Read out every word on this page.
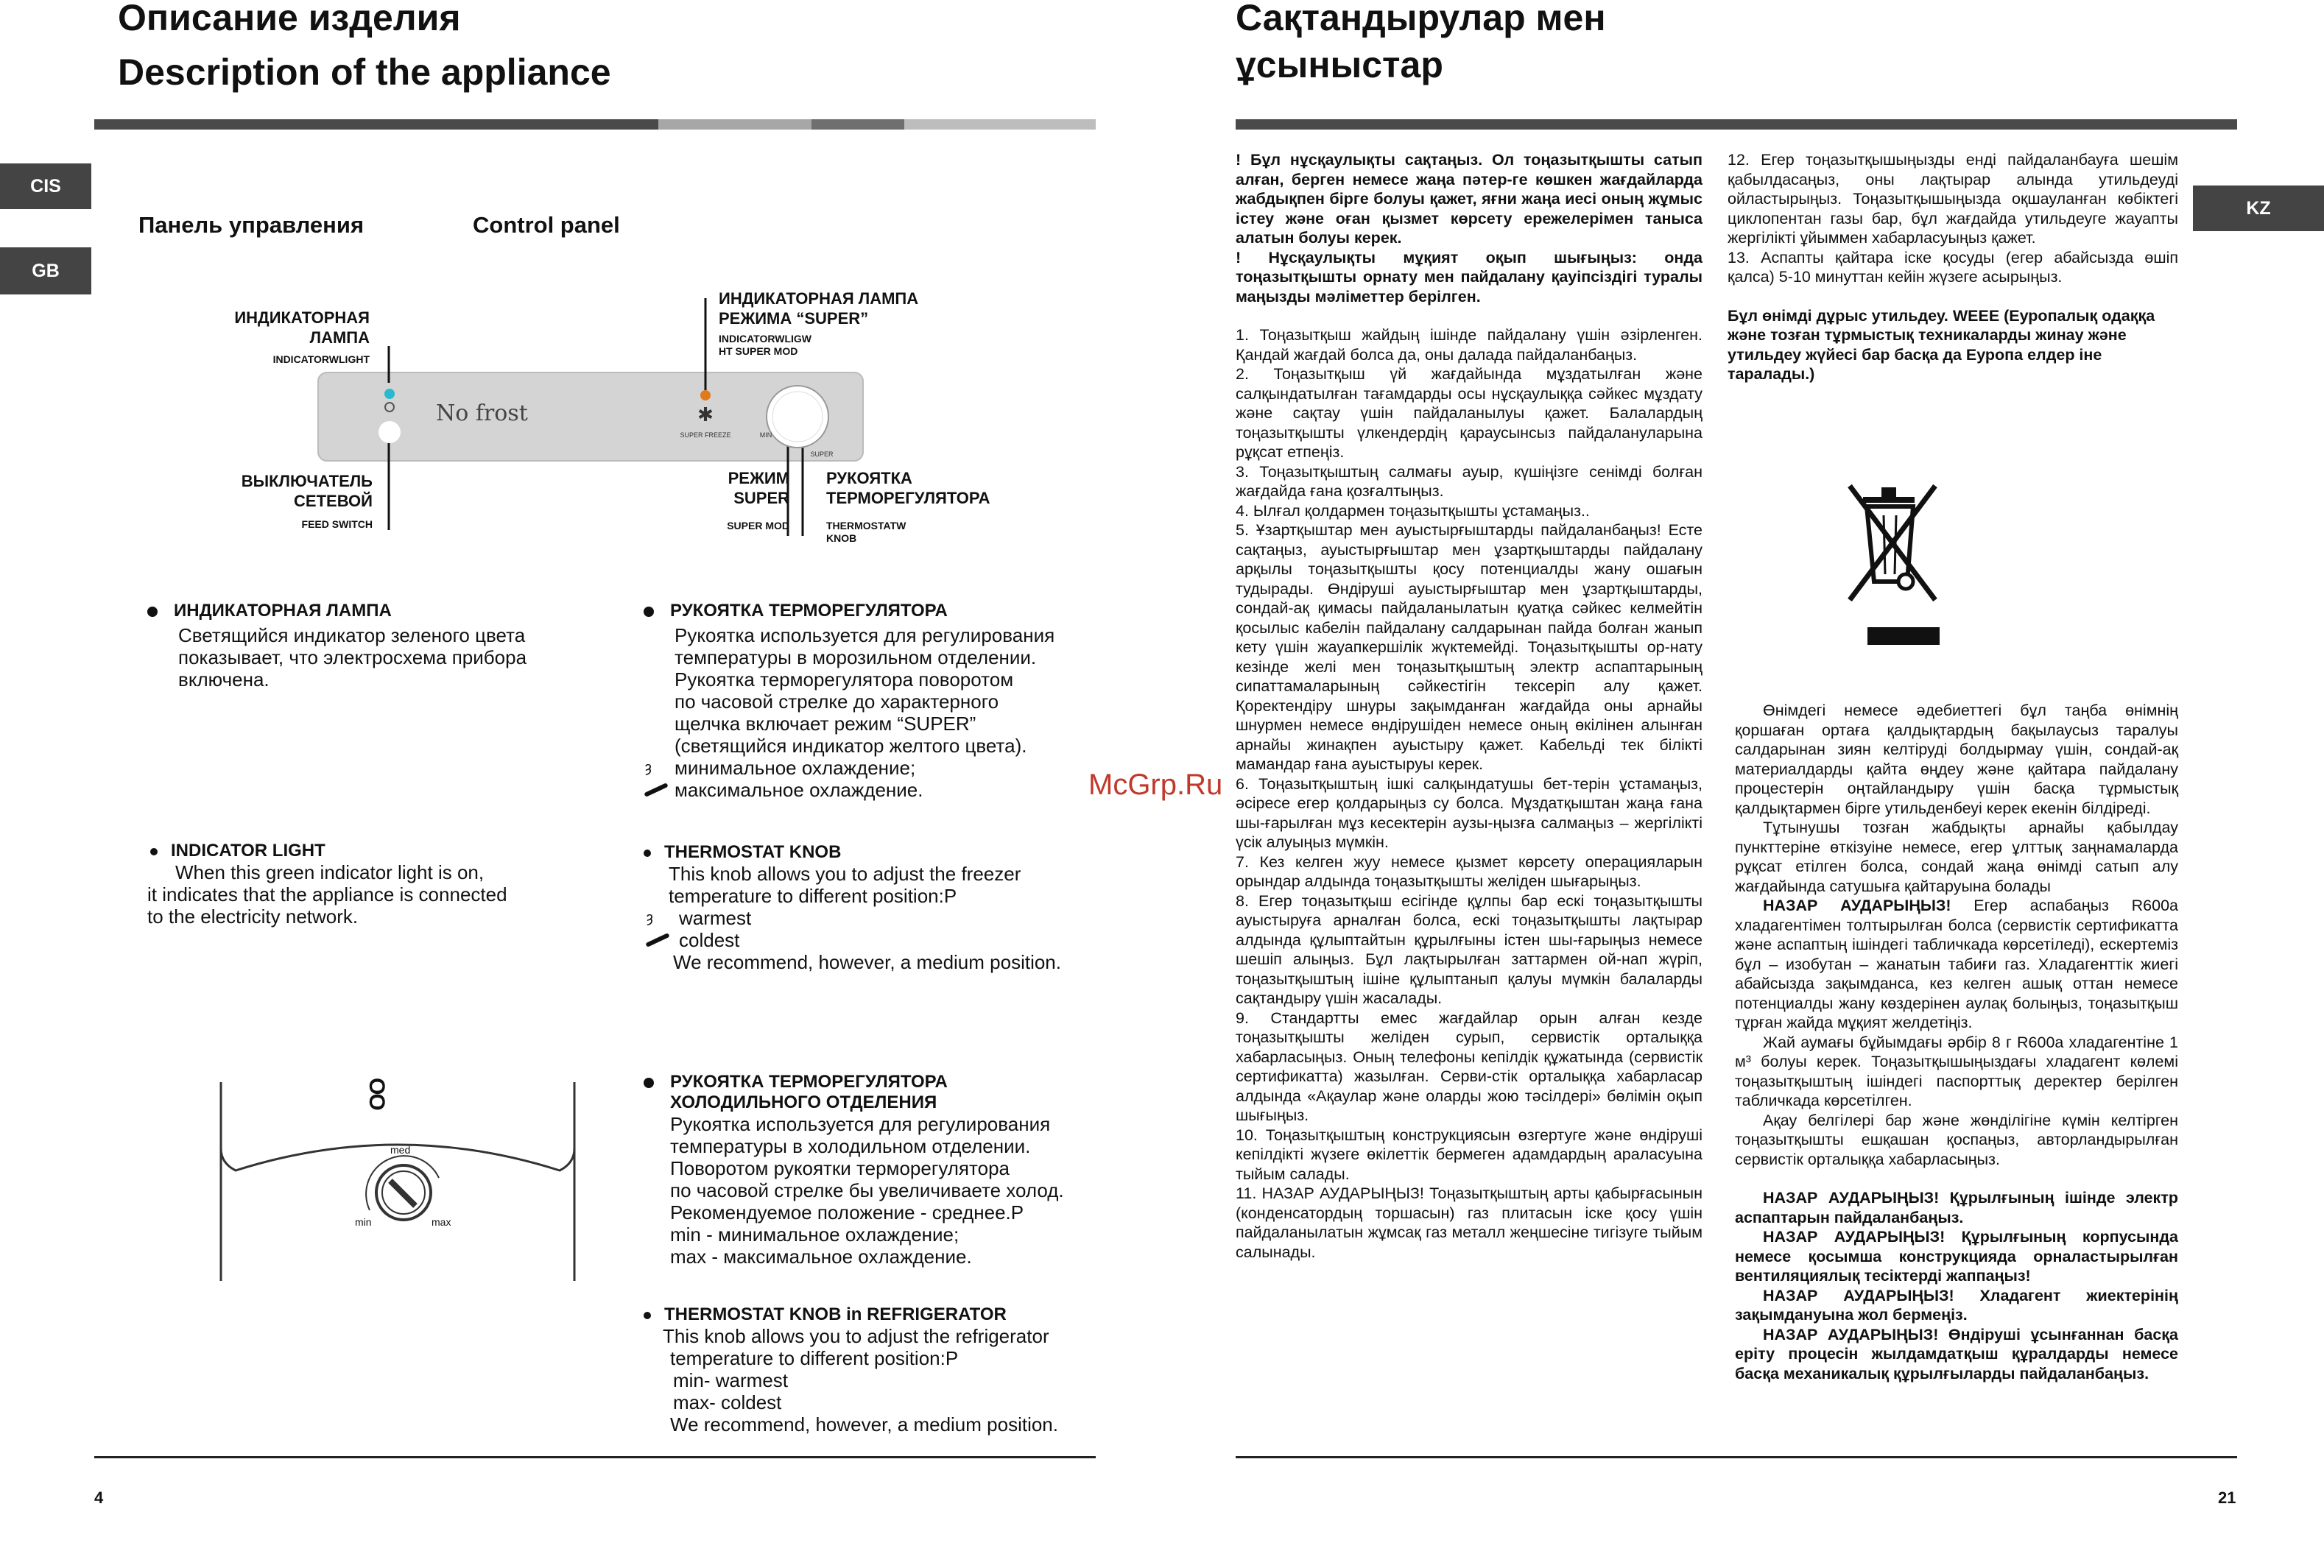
Описание изделия
Description of the appliance
CIS
GB
Панель управления	Control panel
ИНДИКАТОРНАЯ
ЛАМПА
INDICATORWLIGHT
ИНДИКАТОРНАЯ ЛАМПА
РЕЖИМА “SUPER”
INDICATORWLIGW
HT SUPER MOD
✱
SUPER FREEZE	MIN
SUPER
No frost
ВЫКЛЮЧАТЕЛЬ
СЕТЕВОЙ
FEED SWITCH
РЕЖИМ
SUPER
SUPER MOD
РУКОЯТКА
ТЕРМОРЕГУЛЯТОРА
THERMOSTATW
KNOB
ИНДИКАТОРНАЯ ЛАМПА
Светящийся индикатор зеленого цвета
показывает, что электросхема прибора
включена.
РУКОЯТКА ТЕРМОРЕГУЛЯТОРА
Рукоятка используется для регулирования
температуры в морозильном отделении.
Рукоятка терморегулятора поворотом
по часовой стрелке до характерного
щелчка включает режим “SUPER”
(светящийся индикатор желтого цвета).
ȝ минимальное охлаждение;
максимальное охлаждение.
INDICATOR LIGHT
When this green indicator light is on,
it indicates that the appliance is connected
to the electricity network.
THERMOSTAT KNOB
This knob allows you to adjust the freezer
temperature to different position:P
ȝ warmest
coldest
We recommend, however, a medium position.
OO
med
min	max
РУКОЯТКА ТЕРМОРЕГУЛЯТОРА
ХОЛОДИЛЬНОГО ОТДЕЛЕНИЯ
Рукоятка используется для регулирования
температуры в холодильном отделении.
Поворотом рукоятки терморегулятора
по часовой стрелке бы увеличиваете холод.
Рекомендуемое положение - среднее.P
min - минимальное охлаждение;
max - максимальное охлаждение.
THERMOSTAT KNOB in REFRIGERATOR
This knob allows you to adjust the refrigerator
temperature to different position:P
min- warmest
max- coldest
We recommend, however, a medium position.
4
McGrp.Ru
Сақтандырулар мен
ұсыныстар
KZ

! Бұл нұсқаулықты сақтаңыз. Ол тоңазытқышты сатып алған, берген немесе жаңа пәтер-ге көшкен жағдайларда жабдықпен бірге болуы қажет, яғни жаңа иесі оның жұмыс істеу және оған қызмет көрсету ережелерімен таныса алатын болуы керек.

! Нұсқаулықты мұқият оқып шығыңыз: онда тоңазытқышты орнату мен пайдалану қауіпсіздігі туралы маңызды мәліметтер берілген.

1. Тоңазытқыш жайдың ішінде пайдалану үшін әзірленген. Қандай жағдай болса да, оны далада пайдаланбаңыз.

2. Тоңазытқыш үй жағдайында мұздатылған және салқындатылған тағамдарды осы нұсқаулыққа сәйкес мұздату және сақтау үшін пайдаланылуы қажет. Балалардың тоңазытқышты үлкендердің қараусынсыз пайдалануларына рұқсат етпеңіз.

3. Тоңазытқыштың салмағы ауыр, күшіңізге сенімді болған жағдайда ғана қозғалтыңыз.

4. Ылғал қолдармен тоңазытқышты ұстамаңыз..

5. Ұзартқыштар мен ауыстырғыштарды пайдаланбаңыз! Есте сақтаңыз, ауыстырғыштар мен ұзартқыштарды пайдалану арқылы тоңазытқышты қосу потенциалды жану ошағын тудырады. Өндіруші ауыстырғыштар мен ұзартқыштарды, сондай-ақ қимасы пайдаланылатын қуатқа сәйкес келмейтін қосылыс кабелін пайдалану салдарынан пайда болған жанып кету үшін жауапкершілік жүктемейді. Тоңазытқышты ор-нату кезінде желі мен тоңазытқыштың электр аспаптарының сипаттамаларының сәйкестігін тексеріп алу қажет. Қоректендіру шнуры зақымданған жағдайда оны арнайы шнурмен немесе өндірушіден немесе оның өкілінен алынған арнайы жинақпен ауыстыру қажет. Кабельді тек білікті мамандар ғана ауыстыруы керек.

6. Тоңазытқыштың ішкі салқындатушы бет-терін ұстамаңыз, әсіресе егер қолдарыңыз су болса. Мұздатқыштан жаңа ғана шы-ғарылған мұз кесектерін аузы-ңызға салмаңыз – жергілікті үсік алуыңыз мүмкін.

7. Кез келген жуу немесе қызмет көрсету операцияларын орындар алдында тоңазытқышты желіден шығарыңыз.

8. Егер тоңазытқыш есігінде құлпы бар ескі тоңазытқышты ауыстыруға арналған болса, ескі тоңазытқышты лақтырар алдында құлыптайтын құрылғыны істен шы-ғарыңыз немесе шешіп алыңыз. Бұл лақтырылған заттармен ой-нап жүріп, тоңазытқыштың ішіне құлыптанып қалуы мүмкін балаларды сақтандыру үшін жасалады.

9. Стандартты емес жағдайлар орын алған кезде тоңазытқышты желіден сурып, сервистік орталыққа хабарласыңыз. Оның телефоны кепілдік құжатында (сервистік сертификатта) жазылған. Серви-стік орталыққа хабарласар алдында «Ақаулар және оларды жою тәсілдері» бөлімін оқып шығыңыз.

10. Тоңазытқыштың конструкциясын өзгертуге және өндіруші кепілдікті жүзеге өкілеттік бермеген адамдардың араласуына тыйым салады.

11. НАЗАР АУДАРЫҢЫЗ! Тоңазытқыштың арты қабырғасынын (конденсатордың торшасын) газ плитасын іске қосу үшін пайдаланылатын жұмсақ газ металл жеңшесіне тигізуге тыйым салынады.

12. Егер тоңазытқышыңызды енді пайдаланбауға шешім қабылдасаңыз, оны лақтырар алында утильдеуді ойластырыңыз. Тоңазытқышыңызда оқшауланған көбіктегі циклопентан газы бар, бұл жағдайда утильдеуге жауапты жергілікті ұйыммен хабарласуыңыз қажет.

13. Аспапты қайтара іске қосуды (егер абайсызда өшіп қалса) 5-10 минуттан кейін жүзеге асырыңыз.

Бұл өнімді дұрыс утильдеу. WEEE (Еуропалық одаққа және тозған тұрмыстық техникаларды жинау және утильдеу жүйесі бар басқа да Еуропа елдер іне таралады.)

Өнімдегі немесе әдебиеттегі бұл таңба өнімнің қоршаған ортаға қалдықтардың бақылаусыз таралуы салдарынан зиян келтіруді болдырмау үшін, сондай-ақ материалдарды қайта өңдеу және қайтара пайдалану процестерін оңтайландыру үшін басқа тұрмыстық қалдықтармен бірге утильденбеуі керек екенін білдіреді.

Тұтынушы тозған жабдықты арнайы қабылдау пункттеріне өткізуіне немесе, егер ұлттық заңнамаларда рұқсат етілген болса, сондай жаңа өнімді сатып алу жағдайында сатушыға қайтаруына болады

НАЗАР АУДАРЫҢЫЗ! Егер аспабаңыз R600a хладагентімен толтырылған болса (сервистік сертификатта және аспаптың ішіндегі табличкада көрсетіледі), ескертеміз бұл – изобутан – жанатын табиғи газ. Хладагенттік жиегі абайсызда зақымданса, кез келген ашық оттан немесе потенциалды жану көздерінен аулақ болыңыз, тоңазытқыш тұрған жайда мұқият желдетіңіз.

Жай аумағы бұйымдағы әрбір 8 г R600a хладагентіне 1 м³ болуы керек. Тоңазытқышыңыздағы хладагент көлемі тоңазытқыштың ішіндегі паспорттық деректер берілген табличкада көрсетілген.

Ақау белгілері бар және жөнділігіне күмін келтірген тоңазытқышты ешқашан қоспаңыз, авторландырылған сервистік орталыққа хабарласыңыз.

НАЗАР АУДАРЫҢЫЗ! Құрылғының ішінде электр аспаптарын пайдаланбаңыз.

НАЗАР АУДАРЫҢЫЗ! Құрылғының корпусында немесе қосымша конструкцияда орналастырылған вентиляциялық тесіктерді жаппаңыз!

НАЗАР АУДАРЫҢЫЗ! Хладагент жиектерінің зақымдануына жол бермеңіз.

НАЗАР АУДАРЫҢЫЗ! Өндіруші ұсынғаннан басқа еріту процесін жылдамдатқыш құралдарды немесе басқа механикалық құрылғыларды пайдаланбаңыз.

21
